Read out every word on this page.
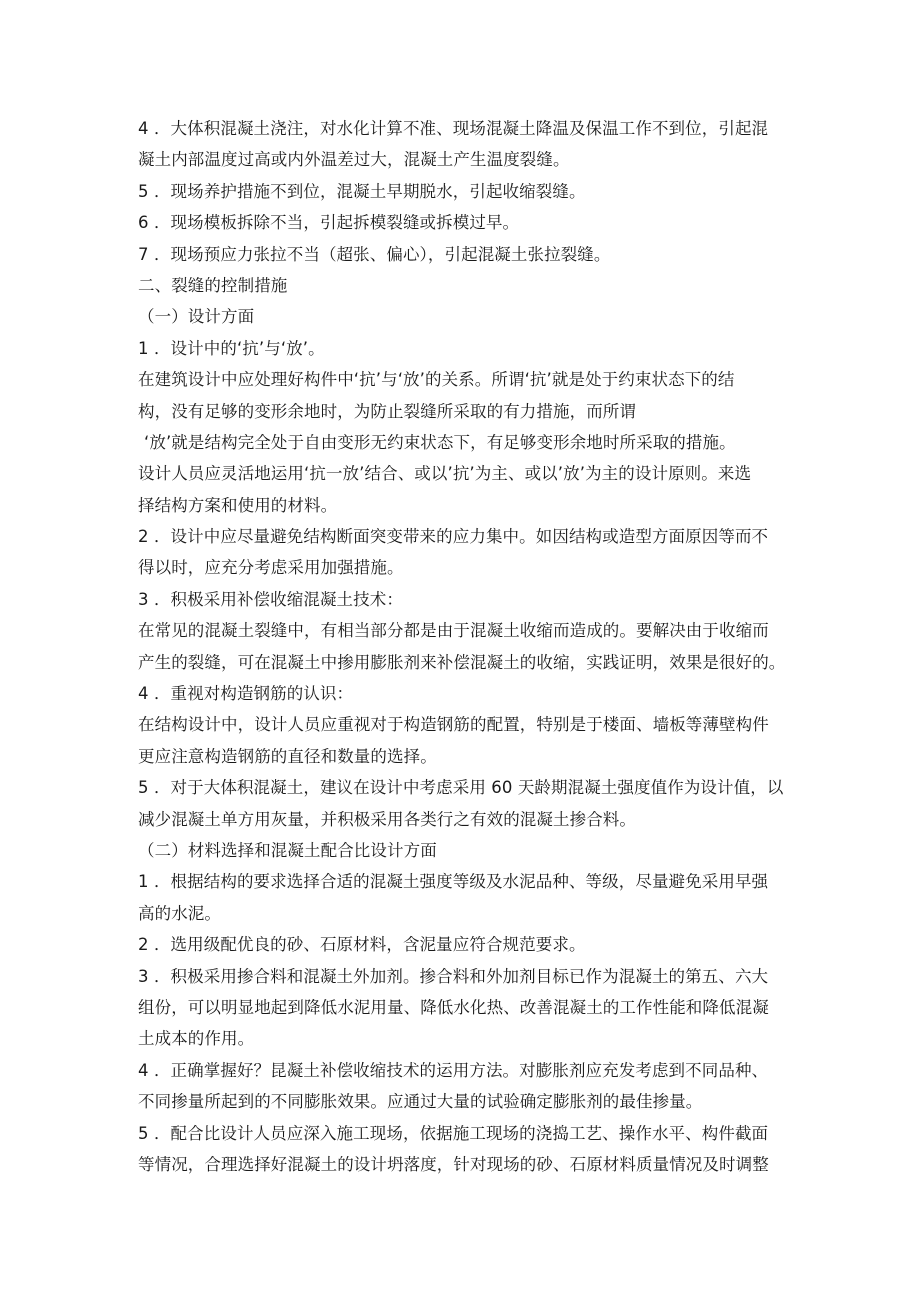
4 ．大体积混凝土浇注，对水化计算不准、现场混凝土降温及保温工作不到位，引起混
凝土内部温度过高或内外温差过大，混凝土产生温度裂缝。
5 ．现场养护措施不到位，混凝土早期脱水，引起收缩裂缝。
6 ．现场模板拆除不当，引起拆模裂缝或拆模过早。
7 ．现场预应力张拉不当（超张、偏心），引起混凝土张拉裂缝。
二、裂缝的控制措施
（一）设计方面
1 ．设计中的‘抗’与‘放’。
在建筑设计中应处理好构件中‘抗’与‘放’的关系。所谓‘抗’就是处于约束状态下的结
构，没有足够的变形余地时，为防止裂缝所采取的有力措施，而所谓
‘放’就是结构完全处于自由变形无约束状态下，有足够变形余地时所采取的措施。
设计人员应灵活地运用‘抗一放’结合、或以’抗’为主、或以’放’为主的设计原则。来选
择结构方案和使用的材料。
2 ．设计中应尽量避免结构断面突变带来的应力集中。如因结构或造型方面原因等而不
得以时，应充分考虑采用加强措施。
3 ．积极采用补偿收缩混凝土技术：
在常见的混凝土裂缝中，有相当部分都是由于混凝土收缩而造成的。要解决由于收缩而
产生的裂缝，可在混凝土中掺用膨胀剂来补偿混凝土的收缩，实践证明，效果是很好的。
4 ．重视对构造钢筋的认识：
在结构设计中，设计人员应重视对于构造钢筋的配置，特别是于楼面、墙板等薄壁构件
更应注意构造钢筋的直径和数量的选择。
5 ．对于大体积混凝土，建议在设计中考虑采用 60 天龄期混凝土强度值作为设计值，以
减少混凝土单方用灰量，并积极采用各类行之有效的混凝土掺合料。
（二）材料选择和混凝土配合比设计方面
1 ．根据结构的要求选择合适的混凝土强度等级及水泥品种、等级，尽量避免采用早强
高的水泥。
2 ．选用级配优良的砂、石原材料，含泥量应符合规范要求。
3 ．积极采用掺合料和混凝土外加剂。掺合料和外加剂目标已作为混凝土的第五、六大
组份，可以明显地起到降低水泥用量、降低水化热、改善混凝土的工作性能和降低混凝
土成本的作用。
4 ．正确掌握好？昆凝土补偿收缩技术的运用方法。对膨胀剂应充发考虑到不同品种、
不同掺量所起到的不同膨胀效果。应通过大量的试验确定膨胀剂的最佳掺量。
5 ．配合比设计人员应深入施工现场，依据施工现场的浇捣工艺、操作水平、构件截面
等情况，合理选择好混凝土的设计坍落度，针对现场的砂、石原材料质量情况及时调整
